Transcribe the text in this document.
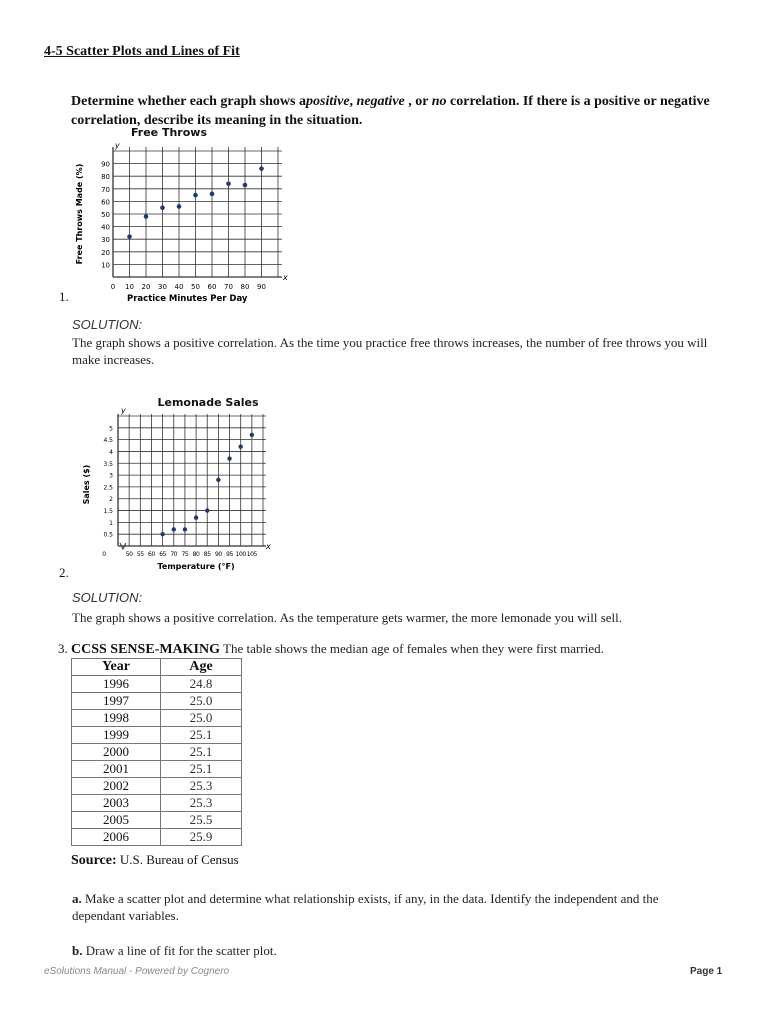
4-5 Scatter Plots and Lines of Fit
Determine whether each graph shows apositive, negative , or no correlation. If there is a positive or negative correlation, describe its meaning in the situation.
Free Throws
y
x
0 10 20 30 40 50 60 70 80 90
10
20
30
40
50
60
70
80
90
Practice Minutes Per Day
Free Throws Made (%)
1.
SOLUTION:
The graph shows a positive correlation. As the time you practice free throws increases, the number of free throws you will make increases.
Lemonade Sales
y
x
0	50 55 60 65 70 75 80 85 90 95 100 105
0.5
1
1.5
2
2.5
3
3.5
4
4.5
5
Temperature (°F)
Sales ($)
2.
SOLUTION:
The graph shows a positive correlation. As the temperature gets warmer, the more lemonade you will sell.
3. CCSS SENSE-MAKING The table shows the median age of females when they were first married.
Year	Age
1996	24.8
1997	25.0
1998	25.0
1999	25.1
2000	25.1
2001	25.1
2002	25.3
2003	25.3
2005	25.5
2006	25.9
Source: U.S. Bureau of Census
a. Make a scatter plot and determine what relationship exists, if any, in the data. Identify the independent and the dependant variables.
b. Draw a line of fit for the scatter plot.
eSolutions Manual - Powered by Cognero	Page 1
